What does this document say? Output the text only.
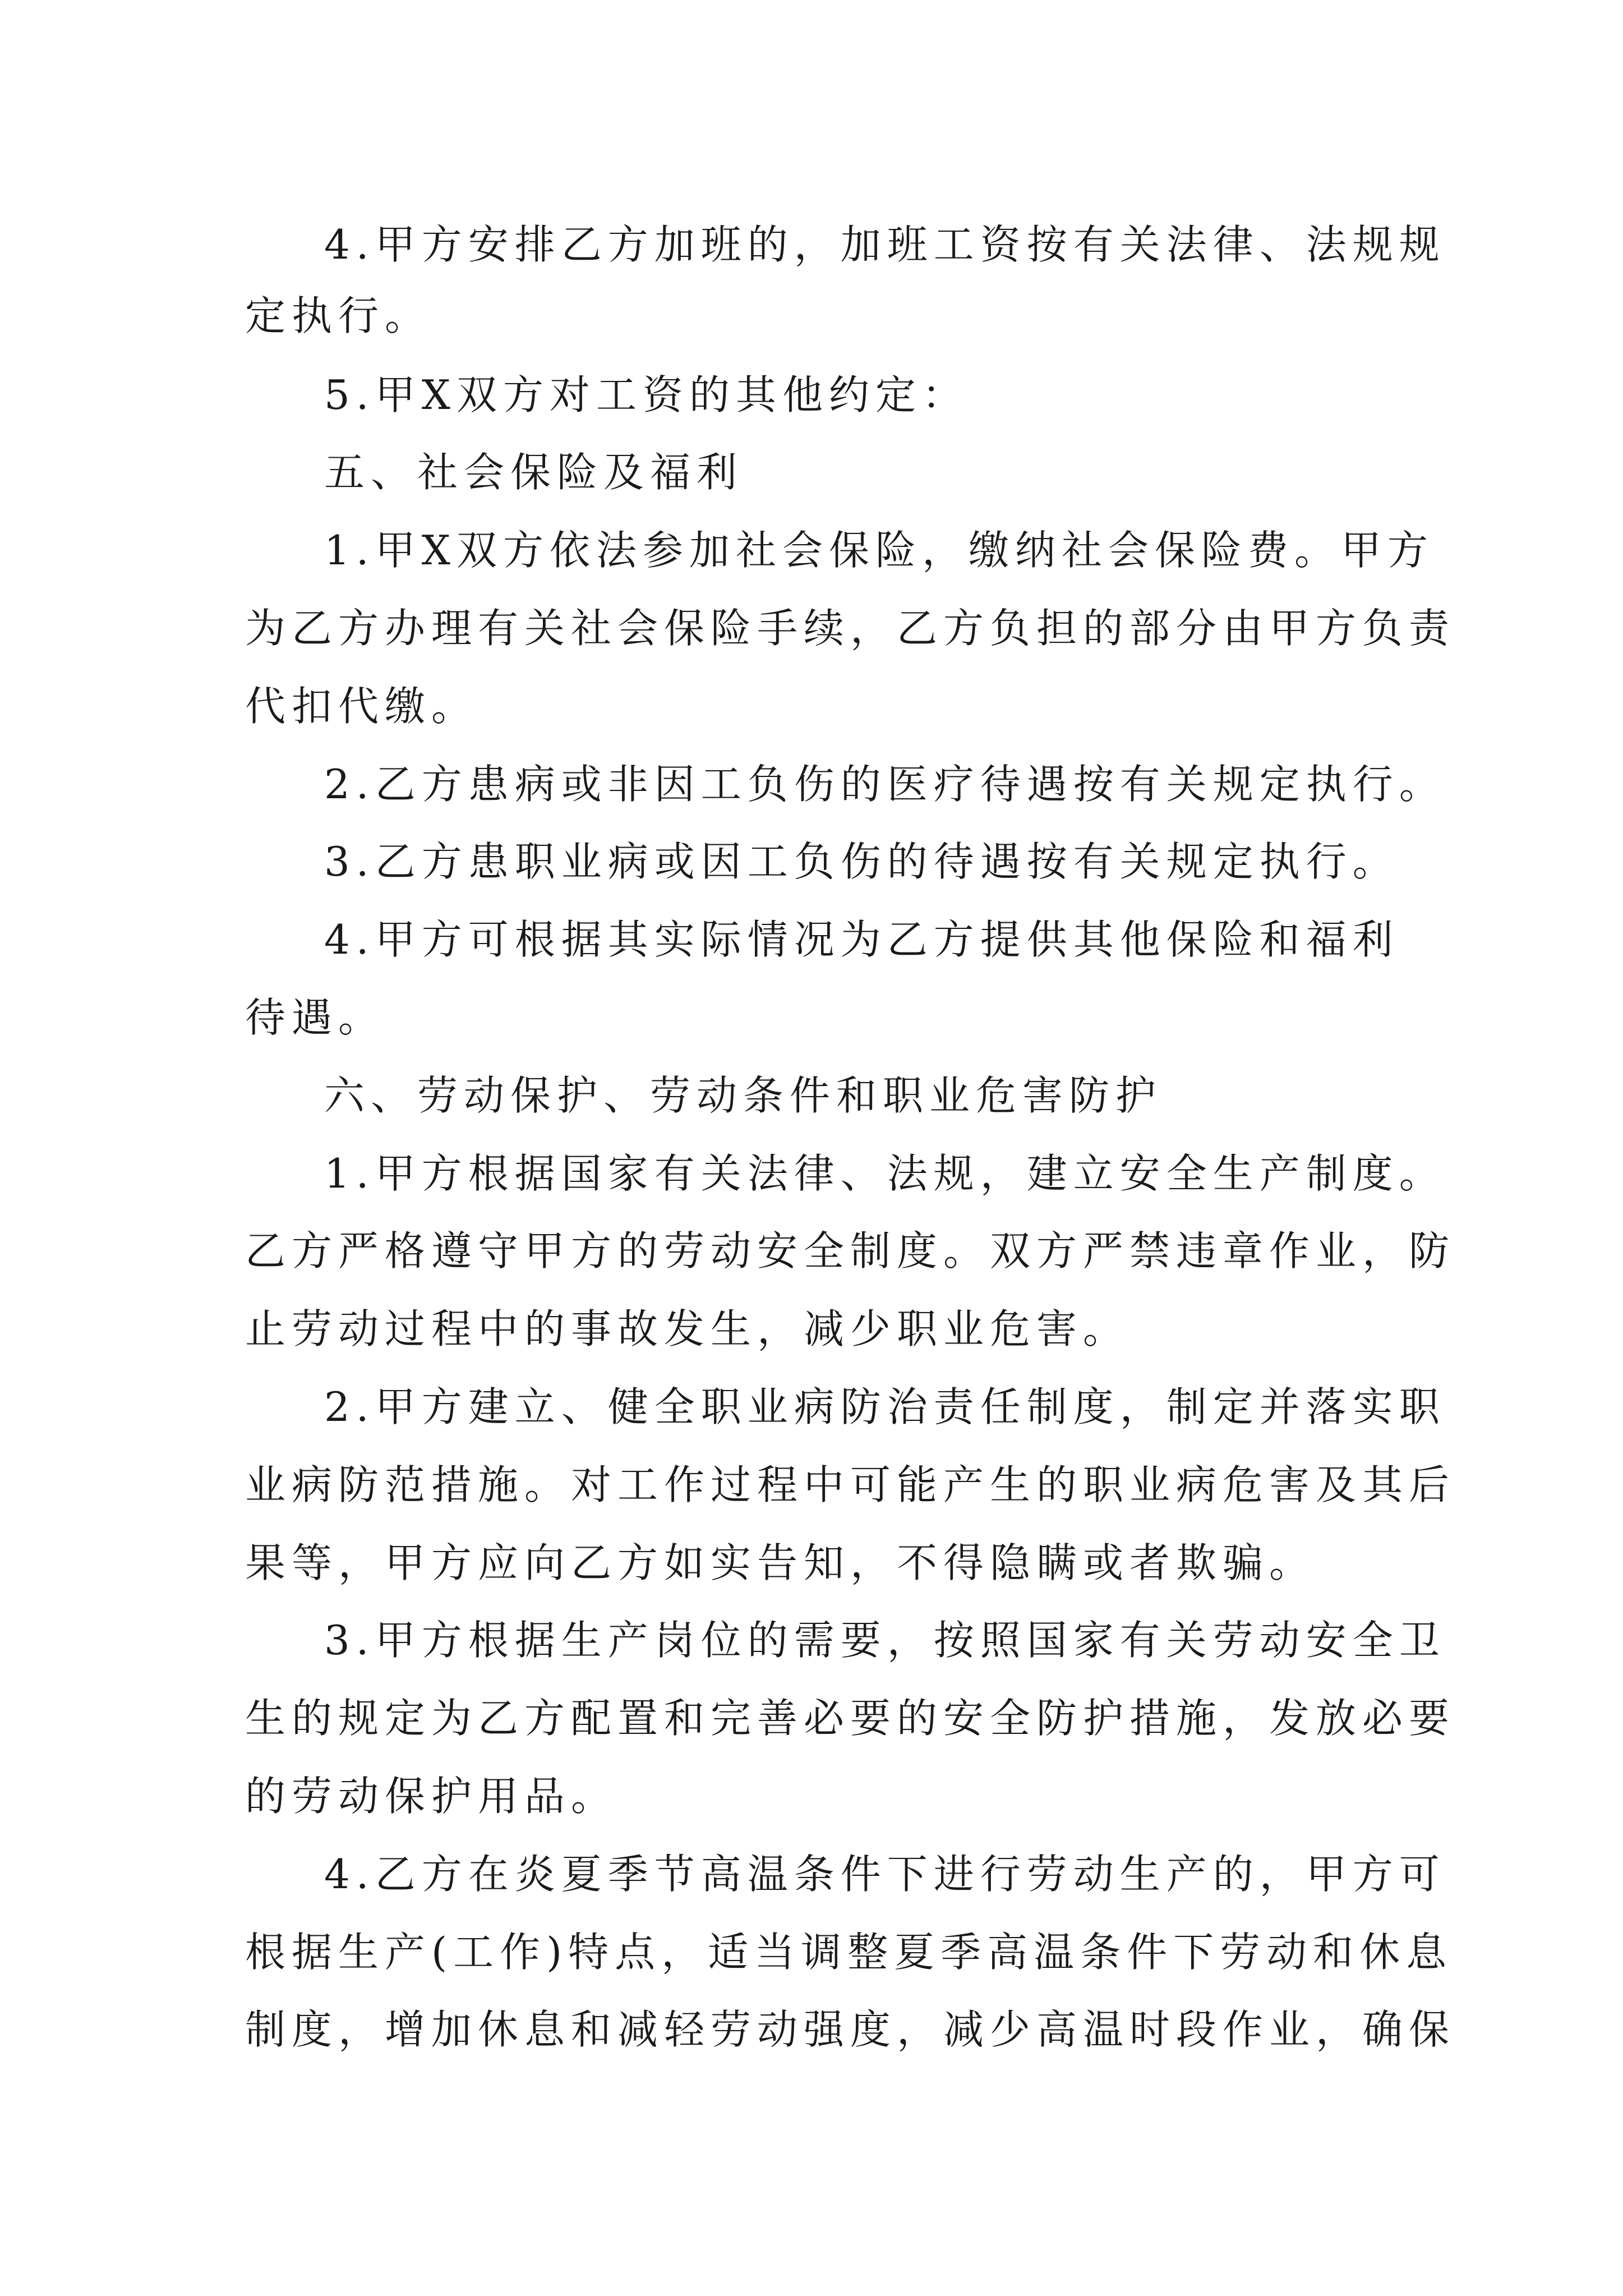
4.甲方安排乙方加班的，加班工资按有关法律、法规规

定执行。

5.甲X双方对工资的其他约定：

五、社会保险及福利

1.甲X双方依法参加社会保险，缴纳社会保险费。甲方

为乙方办理有关社会保险手续，乙方负担的部分由甲方负责

代扣代缴。

2.乙方患病或非因工负伤的医疗待遇按有关规定执行。

3.乙方患职业病或因工负伤的待遇按有关规定执行。

4.甲方可根据其实际情况为乙方提供其他保险和福利

待遇。

六、劳动保护、劳动条件和职业危害防护

1.甲方根据国家有关法律、法规，建立安全生产制度。

乙方严格遵守甲方的劳动安全制度。双方严禁违章作业，防

止劳动过程中的事故发生，减少职业危害。

2.甲方建立、健全职业病防治责任制度，制定并落实职

业病防范措施。对工作过程中可能产生的职业病危害及其后

果等，甲方应向乙方如实告知，不得隐瞒或者欺骗。

3.甲方根据生产岗位的需要，按照国家有关劳动安全卫

生的规定为乙方配置和完善必要的安全防护措施，发放必要

的劳动保护用品。

4.乙方在炎夏季节高温条件下进行劳动生产的，甲方可

根据生产(工作)特点，适当调整夏季高温条件下劳动和休息

制度，增加休息和减轻劳动强度，减少高温时段作业，确保
